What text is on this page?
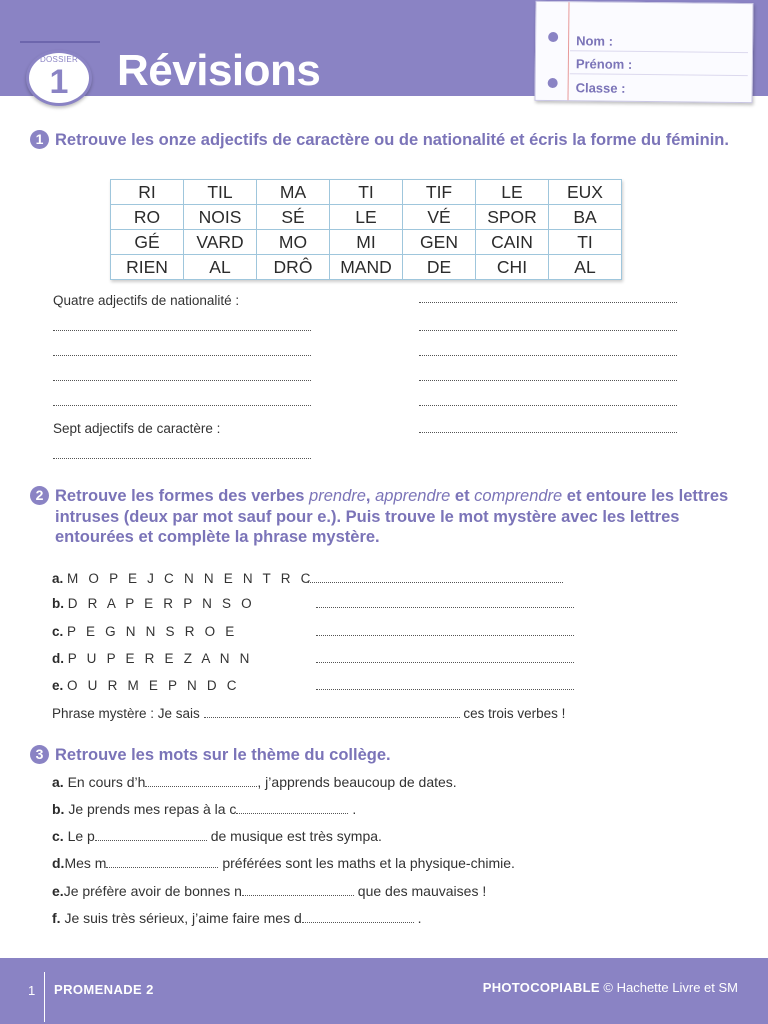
DOSSIER
1	Révisions
Nom :
Prénom :
Classe :
1 Retrouve les onze adjectifs de caractère ou de nationalité et écris la forme du féminin.
RI	TIL	MA	TI	TIF	LE	EUX
RO	NOIS	SÉ	LE	VÉ	SPOR	BA
GÉ	VARD	MO	MI	GEN	CAIN	TI
RIEN	AL	DRÔ	MAND	DE	CHI	AL
Quatre adjectifs de nationalité :
Sept adjectifs de caractère :
2 Retrouve les formes des verbes prendre, apprendre et comprendre et entoure les lettres intruses (deux par mot sauf pour e.). Puis trouve le mot mystère avec les lettres entourées et complète la phrase mystère.
a. M O P E J C N N E N T R C
b. D R A P E R P N S O
c. P E G N N S R O E
d. P U P E R E Z A N N
e. O U R M E P N D C
Phrase mystère : Je sais	ces trois verbes !
3 Retrouve les mots sur le thème du collège.
a. En cours d’h	, j’apprends beaucoup de dates.
b. Je prends mes repas à la c	.
c. Le p	de musique est très sympa.
d.Mes m	préférées sont les maths et la physique-chimie.
e.Je préfère avoir de bonnes n	que des mauvaises !
f. Je suis très sérieux, j’aime faire mes d	.
1 PROMENADE 2	PHOTOCOPIABLE © Hachette Livre et SM
